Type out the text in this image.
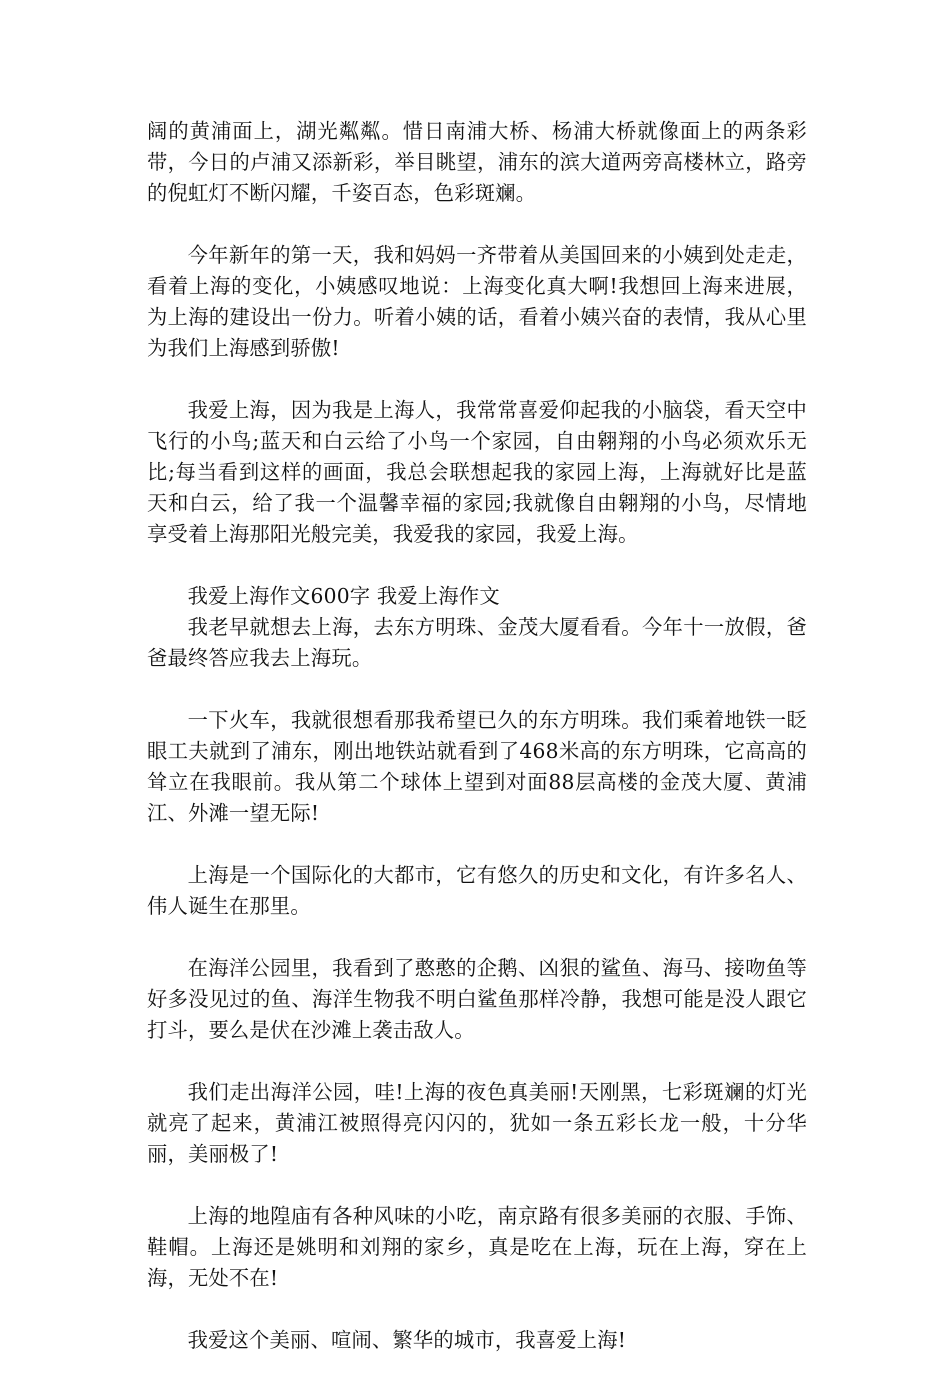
阔的黄浦面上，湖光粼粼。惜日南浦大桥、杨浦大桥就像面上的两条彩带，今日的卢浦又添新彩，举目眺望，浦东的滨大道两旁高楼林立，路旁的倪虹灯不断闪耀，千姿百态，色彩斑斓。

今年新年的第一天，我和妈妈一齐带着从美国回来的小姨到处走走，看着上海的变化，小姨感叹地说：上海变化真大啊!我想回上海来进展，为上海的建设出一份力。听着小姨的话，看着小姨兴奋的表情，我从心里为我们上海感到骄傲!

我爱上海，因为我是上海人，我常常喜爱仰起我的小脑袋，看天空中飞行的小鸟;蓝天和白云给了小鸟一个家园，自由翱翔的小鸟必须欢乐无比;每当看到这样的画面，我总会联想起我的家园上海，上海就好比是蓝天和白云，给了我一个温馨幸福的家园;我就像自由翱翔的小鸟，尽情地享受着上海那阳光般完美，我爱我的家园，我爱上海。

我爱上海作文600字 我爱上海作文

我老早就想去上海，去东方明珠、金茂大厦看看。今年十一放假，爸爸最终答应我去上海玩。

一下火车，我就很想看那我希望已久的东方明珠。我们乘着地铁一眨眼工夫就到了浦东，刚出地铁站就看到了468米高的东方明珠，它高高的耸立在我眼前。我从第二个球体上望到对面88层高楼的金茂大厦、黄浦江、外滩一望无际!

上海是一个国际化的大都市，它有悠久的历史和文化，有许多名人、伟人诞生在那里。

在海洋公园里，我看到了憨憨的企鹅、凶狠的鲨鱼、海马、接吻鱼等好多没见过的鱼、海洋生物我不明白鲨鱼那样冷静，我想可能是没人跟它打斗，要么是伏在沙滩上袭击敌人。

我们走出海洋公园，哇!上海的夜色真美丽!天刚黑，七彩斑斓的灯光就亮了起来，黄浦江被照得亮闪闪的，犹如一条五彩长龙一般，十分华丽，美丽极了!

上海的地隍庙有各种风味的小吃，南京路有很多美丽的衣服、手饰、鞋帽。上海还是姚明和刘翔的家乡，真是吃在上海，玩在上海，穿在上海，无处不在!

我爱这个美丽、喧闹、繁华的城市，我喜爱上海!
